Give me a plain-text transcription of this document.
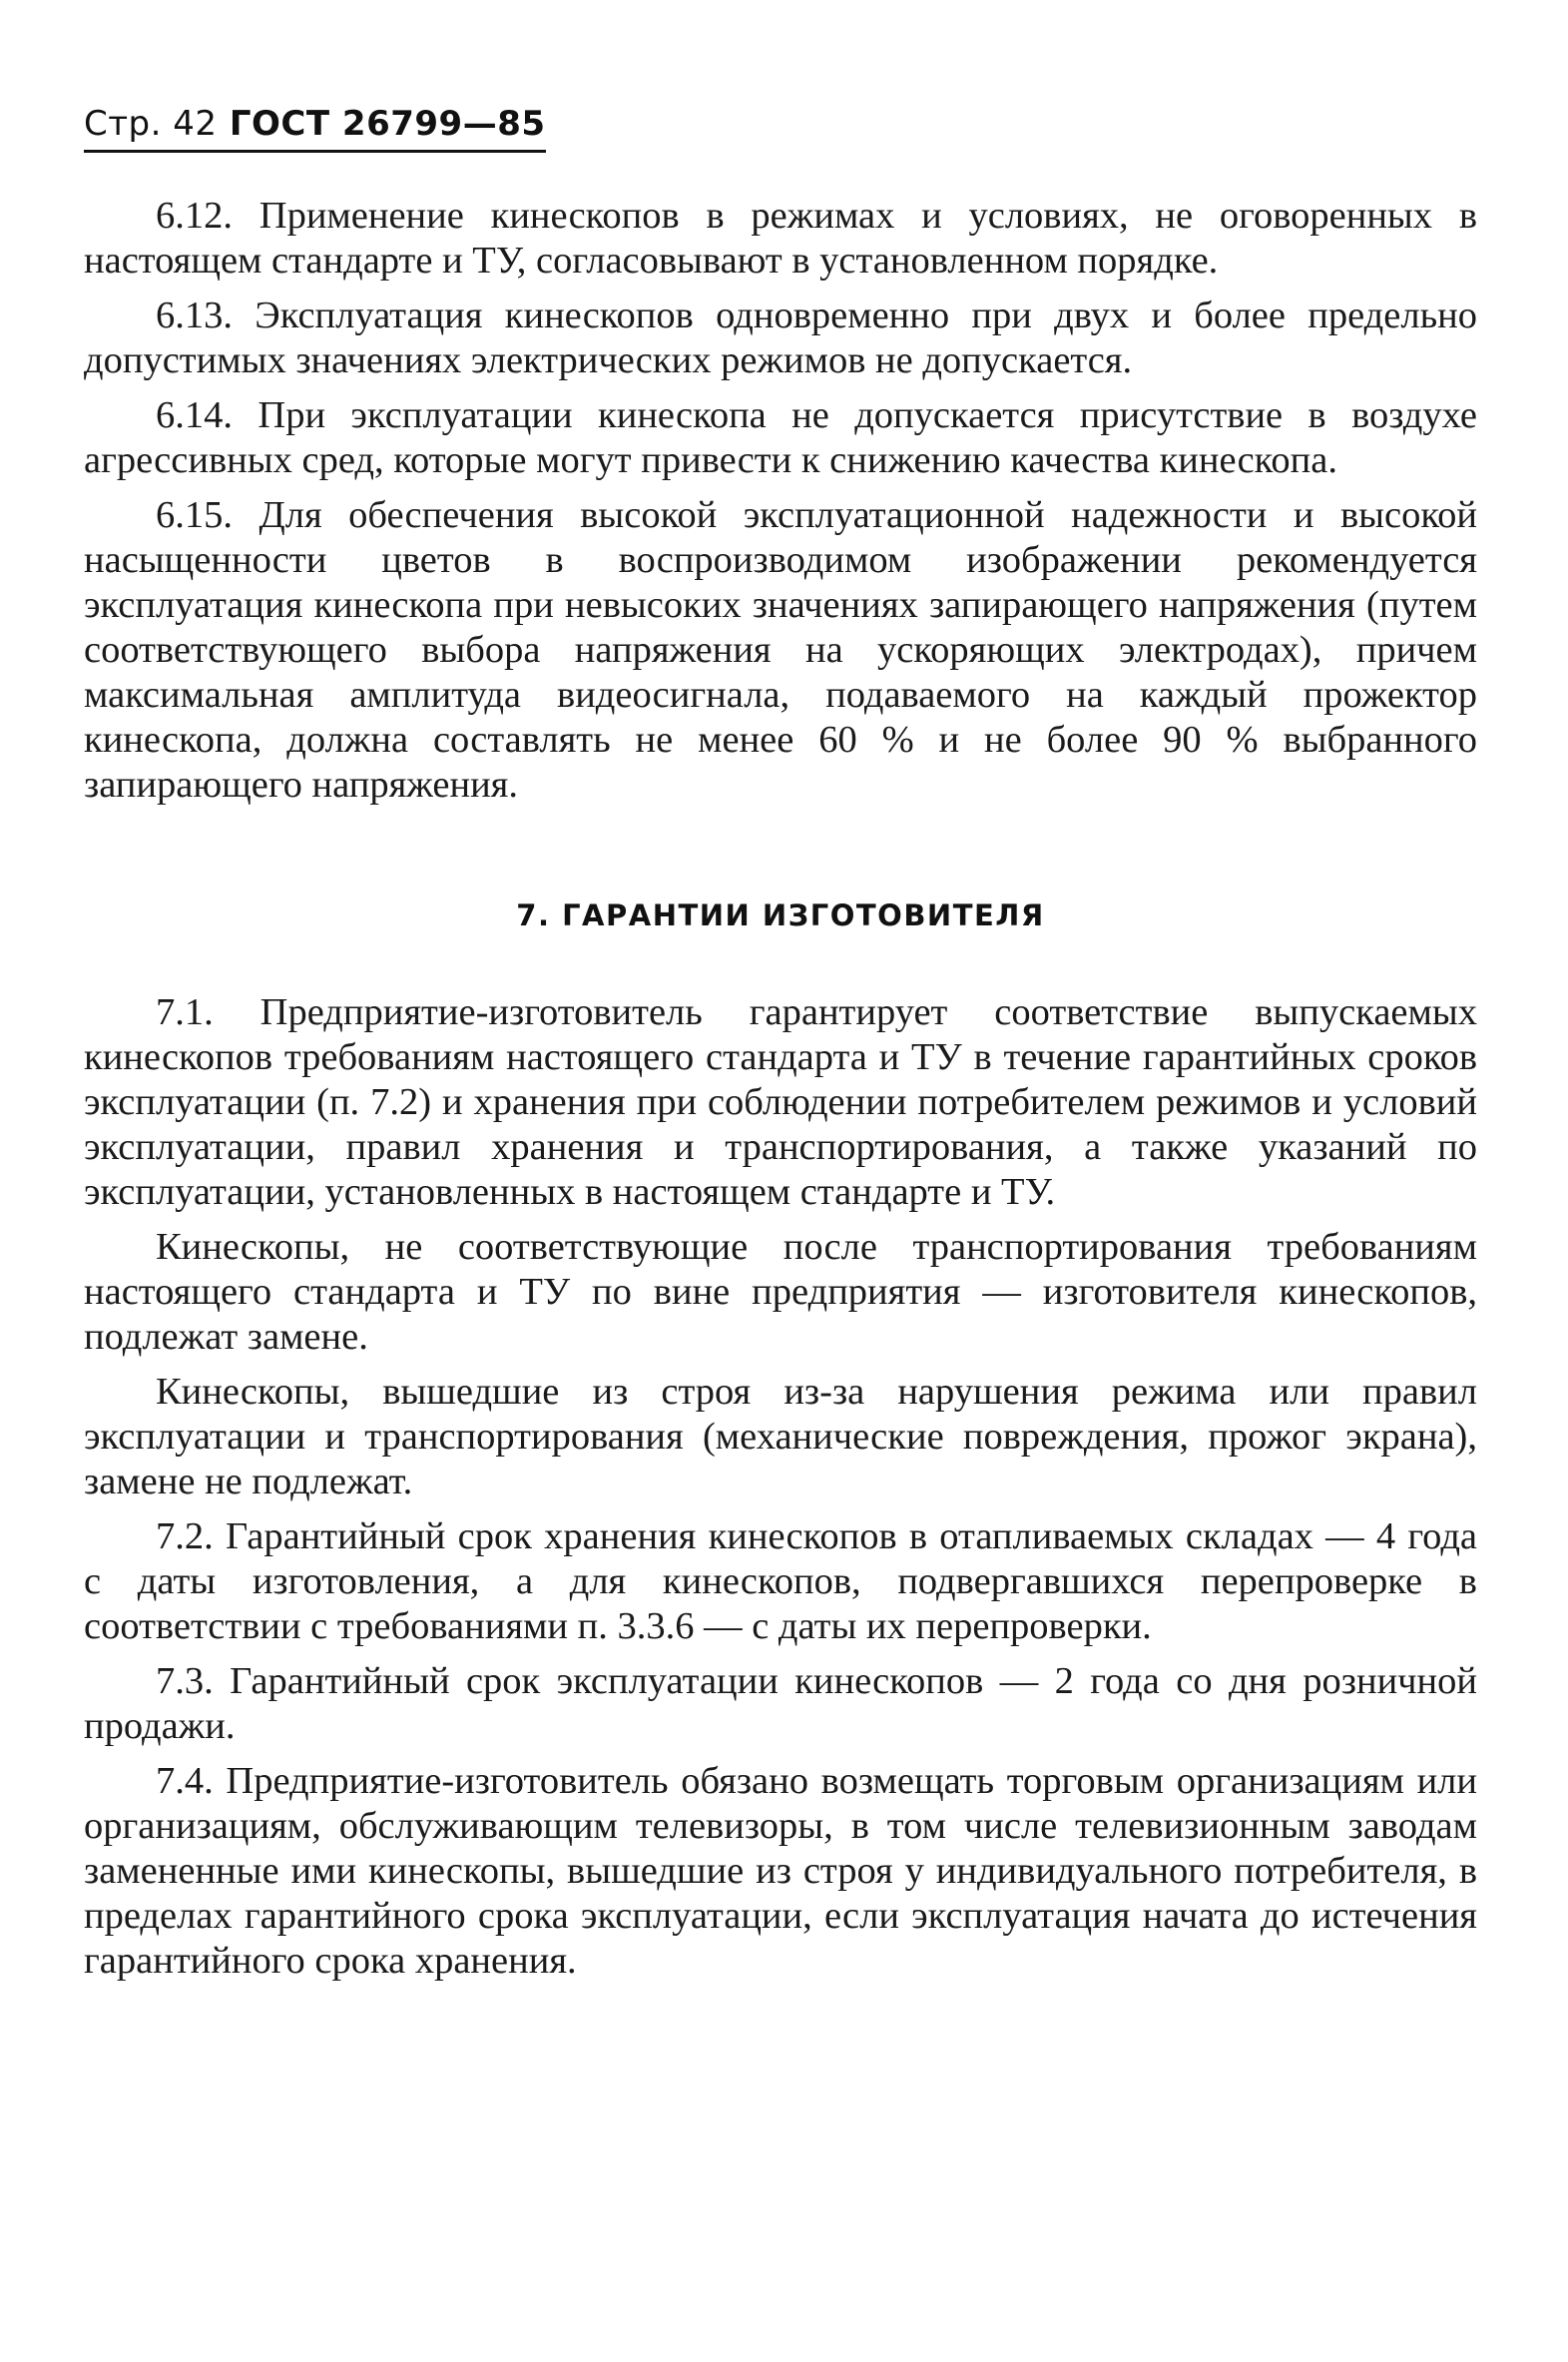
Стр. 42 ГОСТ 26799—85

6.12. Применение кинескопов в режимах и условиях, не оговоренных в настоящем стандарте и ТУ, согласовывают в установленном порядке.

6.13. Эксплуатация кинескопов одновременно при двух и более предельно допустимых значениях электрических режимов не допускается.

6.14. При эксплуатации кинескопа не допускается присутствие в воздухе агрессивных сред, которые могут привести к снижению качества кинескопа.

6.15. Для обеспечения высокой эксплуатационной надежности и высокой насыщенности цветов в воспроизводимом изображении рекомендуется эксплуатация кинескопа при невысоких значениях запирающего напряжения (путем соответствующего выбора напряжения на ускоряющих электродах), причем максимальная амплитуда видеосигнала, подаваемого на каждый прожектор кинескопа, должна составлять не менее 60 % и не более 90 % выбранного запирающего напряжения.

7. ГАРАНТИИ ИЗГОТОВИТЕЛЯ

7.1. Предприятие-изготовитель гарантирует соответствие выпускаемых кинескопов требованиям настоящего стандарта и ТУ в течение гарантийных сроков эксплуатации (п. 7.2) и хранения при соблюдении потребителем режимов и условий эксплуатации, правил хранения и транспортирования, а также указаний по эксплуатации, установленных в настоящем стандарте и ТУ.

Кинескопы, не соответствующие после транспортирования требованиям настоящего стандарта и ТУ по вине предприятия — изготовителя кинескопов, подлежат замене.

Кинескопы, вышедшие из строя из-за нарушения режима или правил эксплуатации и транспортирования (механические повреждения, прожог экрана), замене не подлежат.

7.2. Гарантийный срок хранения кинескопов в отапливаемых складах — 4 года с даты изготовления, а для кинескопов, подвергавшихся перепроверке в соответствии с требованиями п. 3.3.6 — с даты их перепроверки.

7.3. Гарантийный срок эксплуатации кинескопов — 2 года со дня розничной продажи.

7.4. Предприятие-изготовитель обязано возмещать торговым организациям или организациям, обслуживающим телевизоры, в том числе телевизионным заводам замененные ими кинескопы, вышедшие из строя у индивидуального потребителя, в пределах гарантийного срока эксплуатации, если эксплуатация начата до истечения гарантийного срока хранения.
